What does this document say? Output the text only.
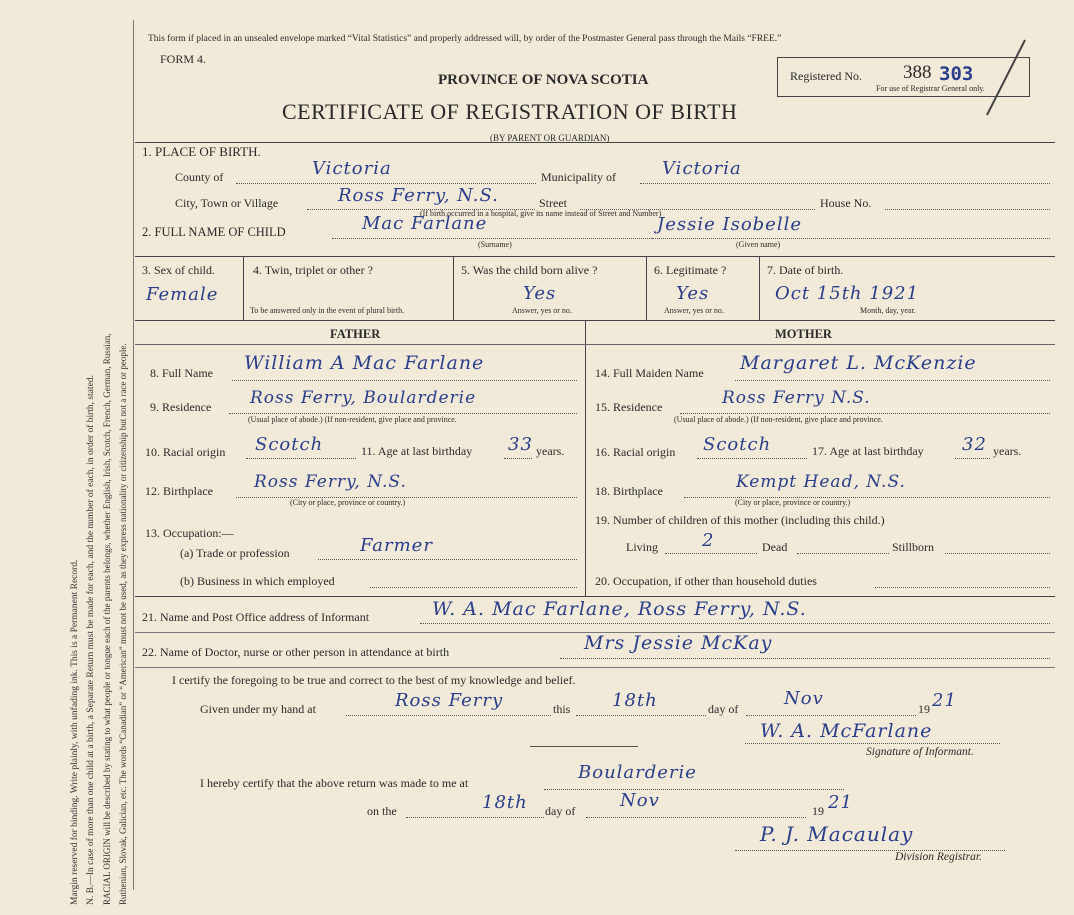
Margin reserved for binding. Write plainly, with unfading ink. This is a Permanent Record. N. B.—In case of more than one child at a birth, a Separate Return must be made for each, and the number of each, in order of birth, stated. RACIAL ORIGIN will be described by stating to what people or tongue each of the parents belongs, whether English, Irish, Scotch, French, German, Russian, Ruthenian, Slovak, Galician, etc. The words “Canadian” or “American” must not be used, as they express nationality or citizenship but not a race or people.
This form if placed in an unsealed envelope marked “Vital Statistics” and properly addressed will, by order of the Postmaster General pass through the Mails “FREE.”
FORM 4.
PROVINCE OF NOVA SCOTIA
CERTIFICATE OF REGISTRATION OF BIRTH
(BY PARENT OR GUARDIAN)
Registered No. 388 303
For use of Registrar General only.
1. PLACE OF BIRTH.
County of	Victoria	Municipality of	Victoria
City, Town or Village	Ross Ferry, N.S.	Street	House No.
(If birth occurred in a hospital, give its name instead of Street and Number)
2. FULL NAME OF CHILD	Mac Farlane
(Surname)
Jessie Isobelle
(Given name)
3. Sex of child.
Female
4. Twin, triplet or other ?
To be answered only in the event of plural birth.
5. Was the child born alive ?
Yes
Answer, yes or no.
6. Legitimate ?
Yes
Answer, yes or no.
7. Date of birth.
Oct 15th 1921
Month, day, year.
FATHER	MOTHER
8. Full Name William A Mac Farlane
9. Residence Ross Ferry, Boularderie
(Usual place of abode.) (If non-resident, give place and province.
10. Racial origin Scotch	11. Age at last birthday 33 years.
12. Birthplace Ross Ferry, N.S.
(City or place, province or country.)
13. Occupation:—
(a) Trade or profession	Farmer
(b) Business in which employed
14. Full Maiden Name Margaret L. McKenzie
15. Residence	Ross Ferry N.S.
(Usual place of abode.) (If non-resident, give place and province.
16. Racial origin Scotch	17. Age at last birthday 32 years.
18. Birthplace	Kempt Head, N.S.
(City or place, province or country.)
19. Number of children of this mother (including this child.)
Living 2	Dead	Stillborn
20. Occupation, if other than household duties
21. Name and Post Office address of Informant	W. A. Mac Farlane, Ross Ferry, N.S.
22. Name of Doctor, nurse or other person in attendance at birth	Mrs Jessie McKay
I certify the foregoing to be true and correct to the best of my knowledge and belief.
Given under my hand at	Ross Ferry	this 18th	day of	Nov	19 21
W. A. McFarlane
Signature of Informant.
I hereby certify that the above return was made to me at	Boularderie
on the	18th day of Nov	19 21
P. J. Macaulay
Division Registrar.
